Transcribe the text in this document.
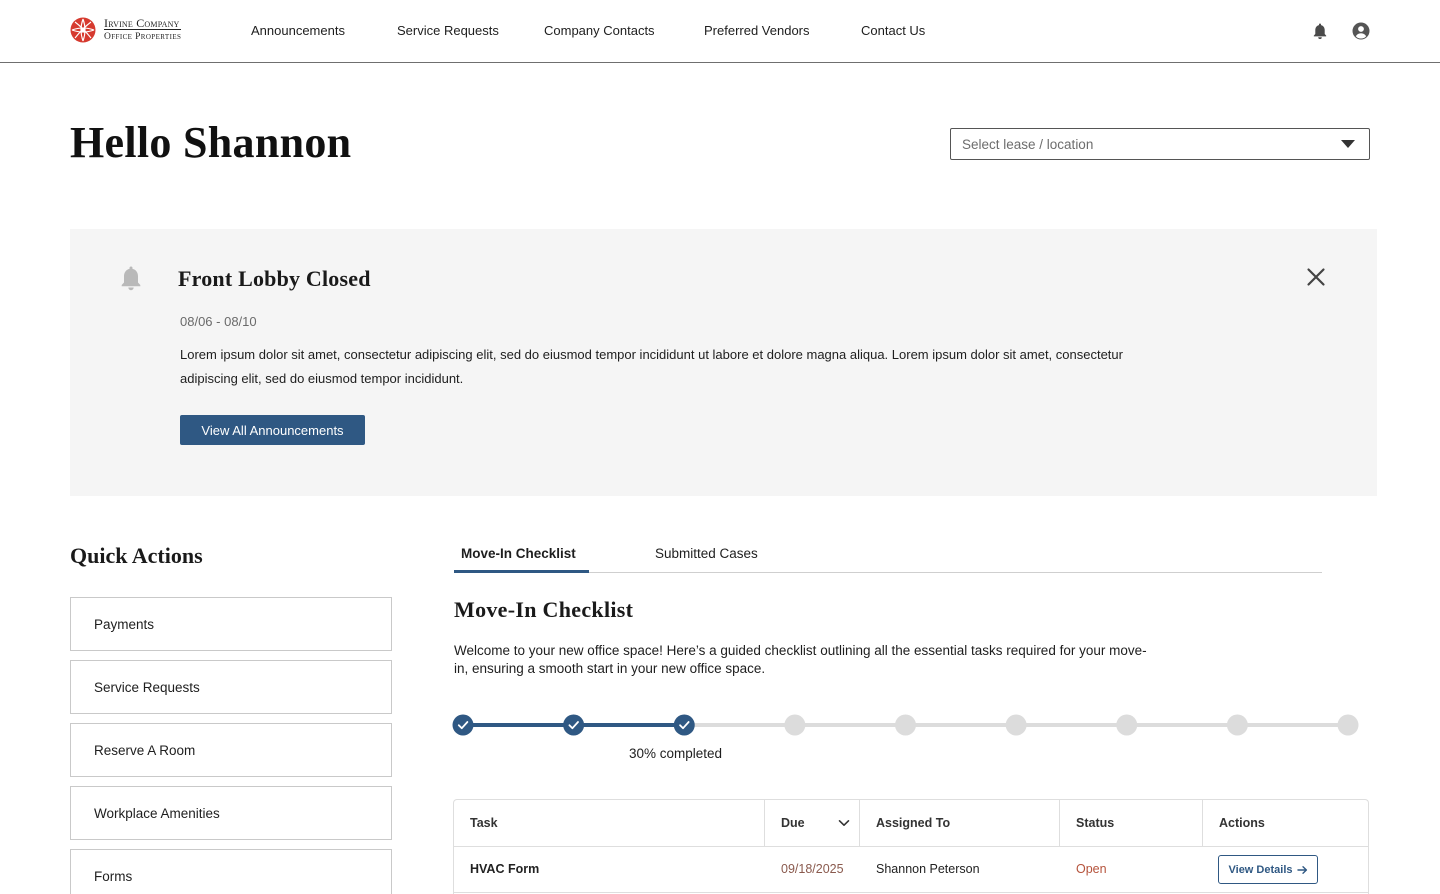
Irvine Company
Office Properties	Announcements	Service Requests	Company Contacts	Preferred Vendors	Contact Us
Hello Shannon	Select lease / location
Front Lobby Closed
08/06 - 08/10

Lorem ipsum dolor sit amet, consectetur adipiscing elit, sed do eiusmod tempor incididunt ut labore et dolore magna aliqua. Lorem ipsum dolor sit amet, consectetur adipiscing elit, sed do eiusmod tempor incididunt.

View All Announcements
Quick Actions
Payments
Service Requests
Reserve A Room
Workplace Amenities
Forms
Move-In Checklist	Submitted Cases
Move-In Checklist

Welcome to your new office space! Here’s a guided checklist outlining all the essential tasks required for your move-in, ensuring a smooth start in your new office space.

30% completed
Task	Due	Assigned To	Status	Actions
HVAC Form	09/18/2025	Shannon Peterson	Open	View Details
